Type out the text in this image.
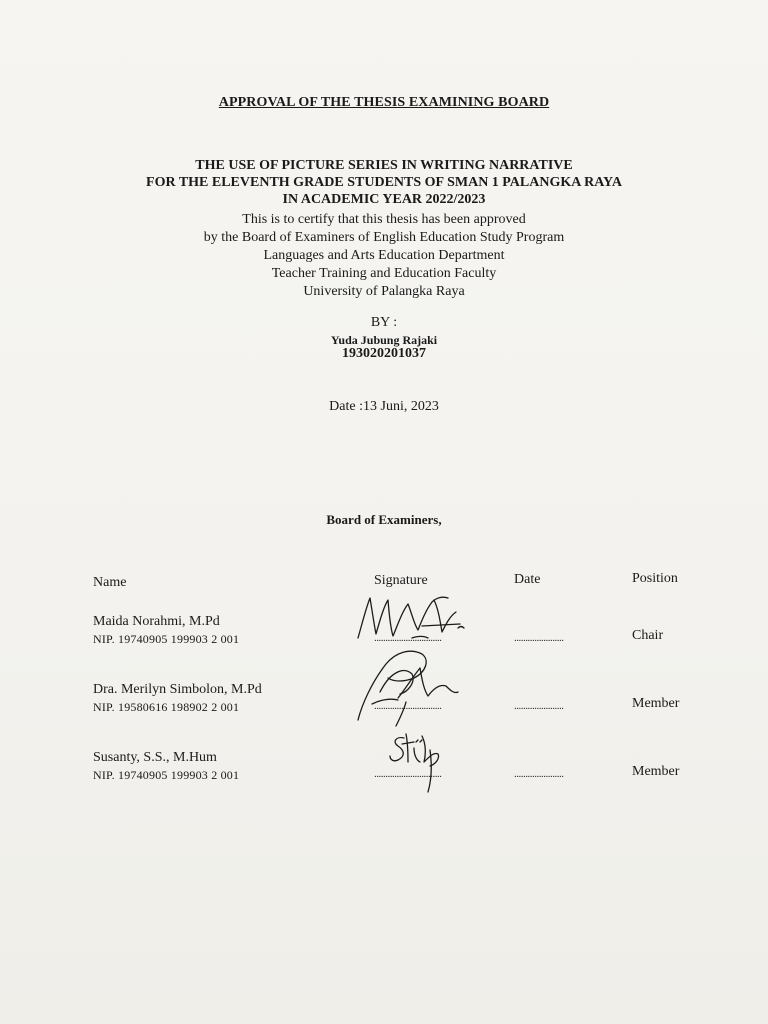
APPROVAL OF THE THESIS EXAMINING BOARD
THE USE OF PICTURE SERIES IN WRITING NARRATIVE
FOR THE ELEVENTH GRADE STUDENTS OF SMAN 1 PALANGKA RAYA
IN ACADEMIC YEAR 2022/2023
This is to certify that this thesis has been approved
by the Board of Examiners of English Education Study Program
Languages and Arts Education Department
Teacher Training and Education Faculty
University of Palangka Raya
BY :
Yuda Jubung Rajaki
193020201037
Date :13 Juni, 2023
Board of Examiners,
Name	Signature	Date	Position
Maida Norahmi, M.Pd
NIP. 19740905 199903 2 001	..............................	......................	Chair
Dra. Merilyn Simbolon, M.Pd
NIP. 19580616 198902 2 001	..............................	......................	Member
Susanty, S.S., M.Hum
NIP. 19740905 199903 2 001	..............................	......................	Member
